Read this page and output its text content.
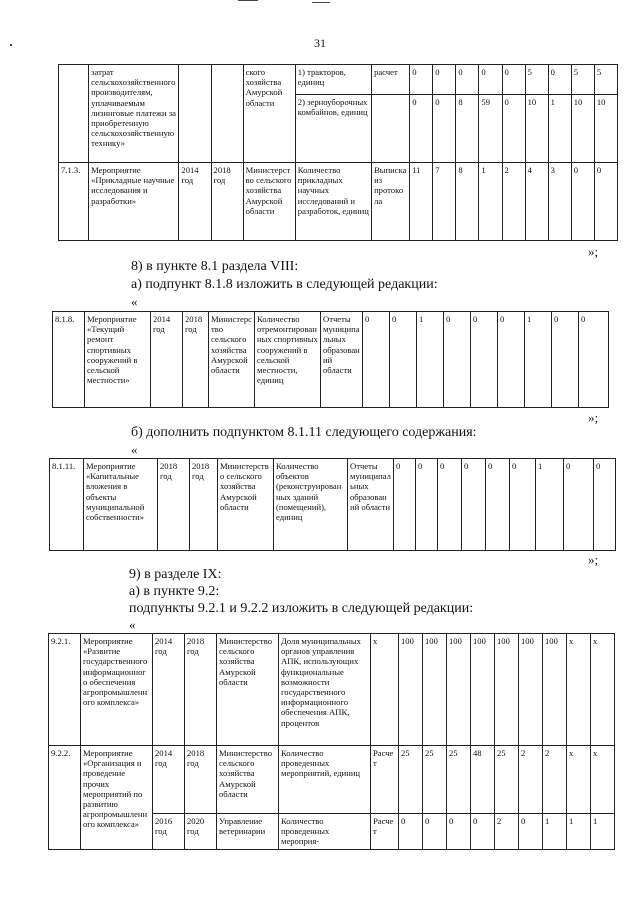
31
	затрат сельскохозяйственного производителям, уплачиваемым лизинговые платежи за приобретенную сельскохозяйственную технику»			ского хозяйства Амурской области	1) тракторов, единиц	расчет	0	0	0	0	0	5	0	5	5
					2) зерноуборочных комбайнов, единиц		0	0	8	59	0	10	1	10	10
7.1.3.	Мероприятие «Прикладные научные исследования и разработки»	2014 год	2018 год	Министерство сельского хозяйства Амурской области	Количество прикладных научных исследований и разработок, единиц	Выписка из протокола	11	7	8	1	2	4	3	0	0
»;
8) в пункте 8.1 раздела VIII:
а) подпункт 8.1.8 изложить в следующей редакции:
«
8.1.8.	Мероприятие «Текущий ремонт спортивных сооружений в сельской местности»	2014 год	2018 год	Министерство сельского хозяйства Амурской области	Количество отремонтированных спортивных сооружений в сельской местности, единиц	Отчеты муниципальных образований области	0	0	1	0	0	0	1	0	0
»;
б) дополнить подпунктом 8.1.11 следующего содержания:
«
8.1.11.	Мероприятие «Капитальные вложения в объекты муниципальной собственности»	2018 год	2018 год	Министерство сельского хозяйства Амурской области	Количество объектов (реконструированных зданий (помещений), единиц	Отчеты муниципальных образований области	0	0	0	0	0	0	1	0	0
»;
9) в разделе IX:
а) в пункте 9.2:
подпункты 9.2.1 и 9.2.2 изложить в следующей редакции:
«
9.2.1.	Мероприятие «Развитие государственного информационного обеспечения агропромышленного комплекса»	2014 год	2018 год	Министерство сельского хозяйства Амурской области	Доля муниципальных органов управления АПК, использующих функциональные возможности государственного информационного обеспечения АПК, процентов	х	100	100	100	100	100	100	100	х	х
9.2.2.	Мероприятие «Организация и проведение прочих мероприятий по развитию агропромышленного комплекса»	2014 год	2018 год	Министерство сельского хозяйства Амурской области	Количество проведенных мероприятий, единиц	Расчет	25	25	25	48	25	2	2	х	х
		2016 год	2020 год	Управление ветеринарии	Количество проведенных мероприя-	Расчет	0	0	0	0	2	0	1	1	1
